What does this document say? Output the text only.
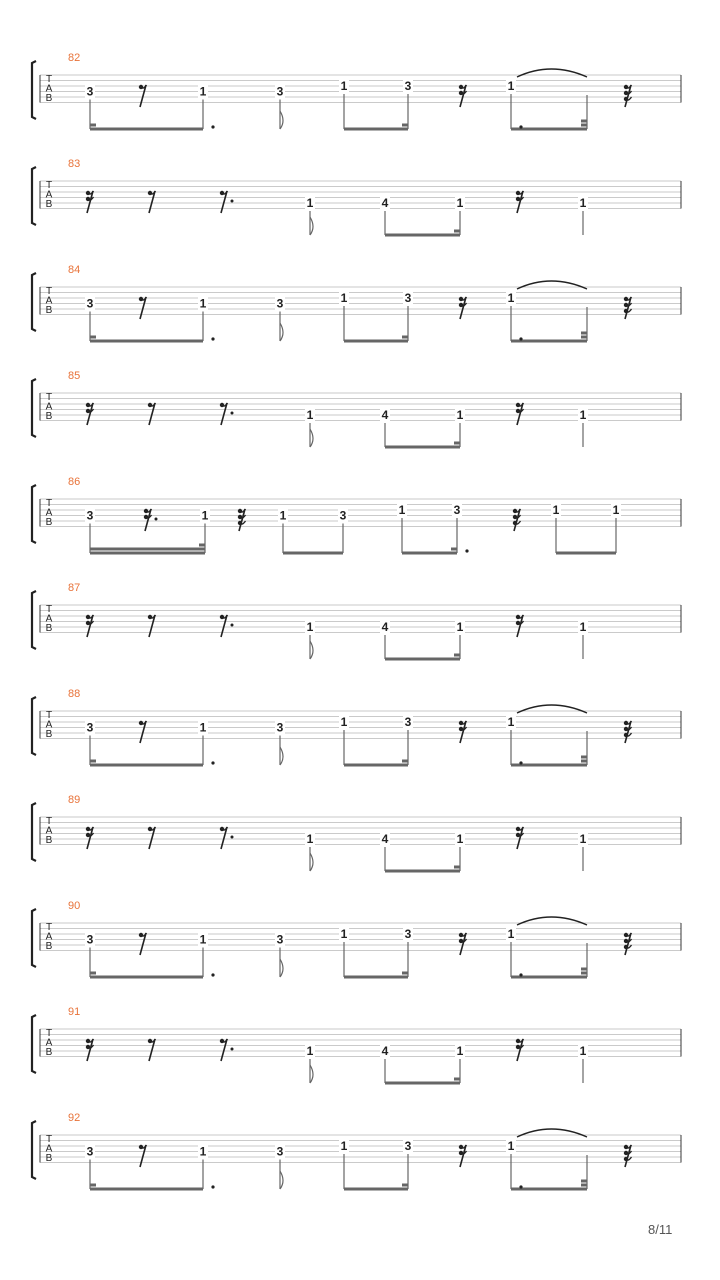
T
A
B
82
3	1	3	1	3	1
T
A
B
83
1	4	1	1
T
A
B
84
3	1	3	1	3	1
T
A
B
85
1	4	1	1
T
A
B
86
3	1	1	3	1	3	1	1
T
A
B
87
1	4	1	1
T
A
B
88
3	1	3	1	3	1
T
A
B
89
1	4	1	1
T
A
B
90
3	1	3	1	3	1
T
A
B
91
1	4	1	1
T
A
B
92
3	1	3	1	3	1
8/11
